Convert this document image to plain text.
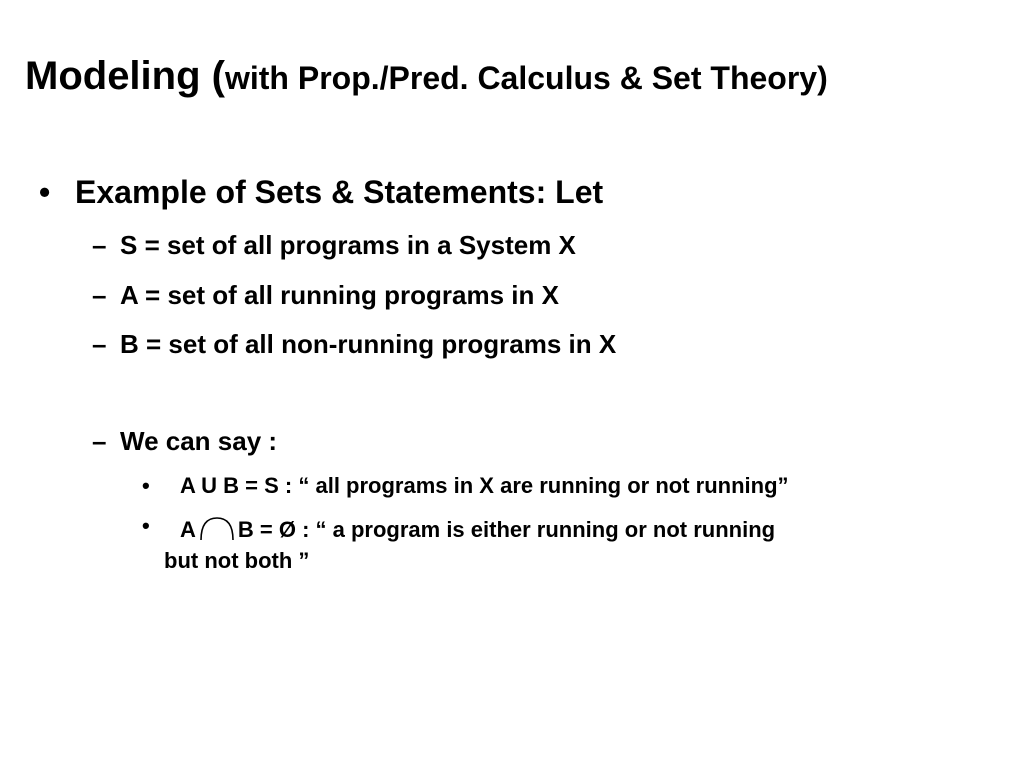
Modeling (with Prop./Pred. Calculus & Set Theory)
• Example of Sets & Statements: Let
– S = set of all programs in a System X
– A = set of all running programs in X
– B = set of all non-running programs in X
– We can say :
• A U B = S : “ all programs in X are running or not running”
• A B = Ø : “ a program is either running or not running
but not both ”
